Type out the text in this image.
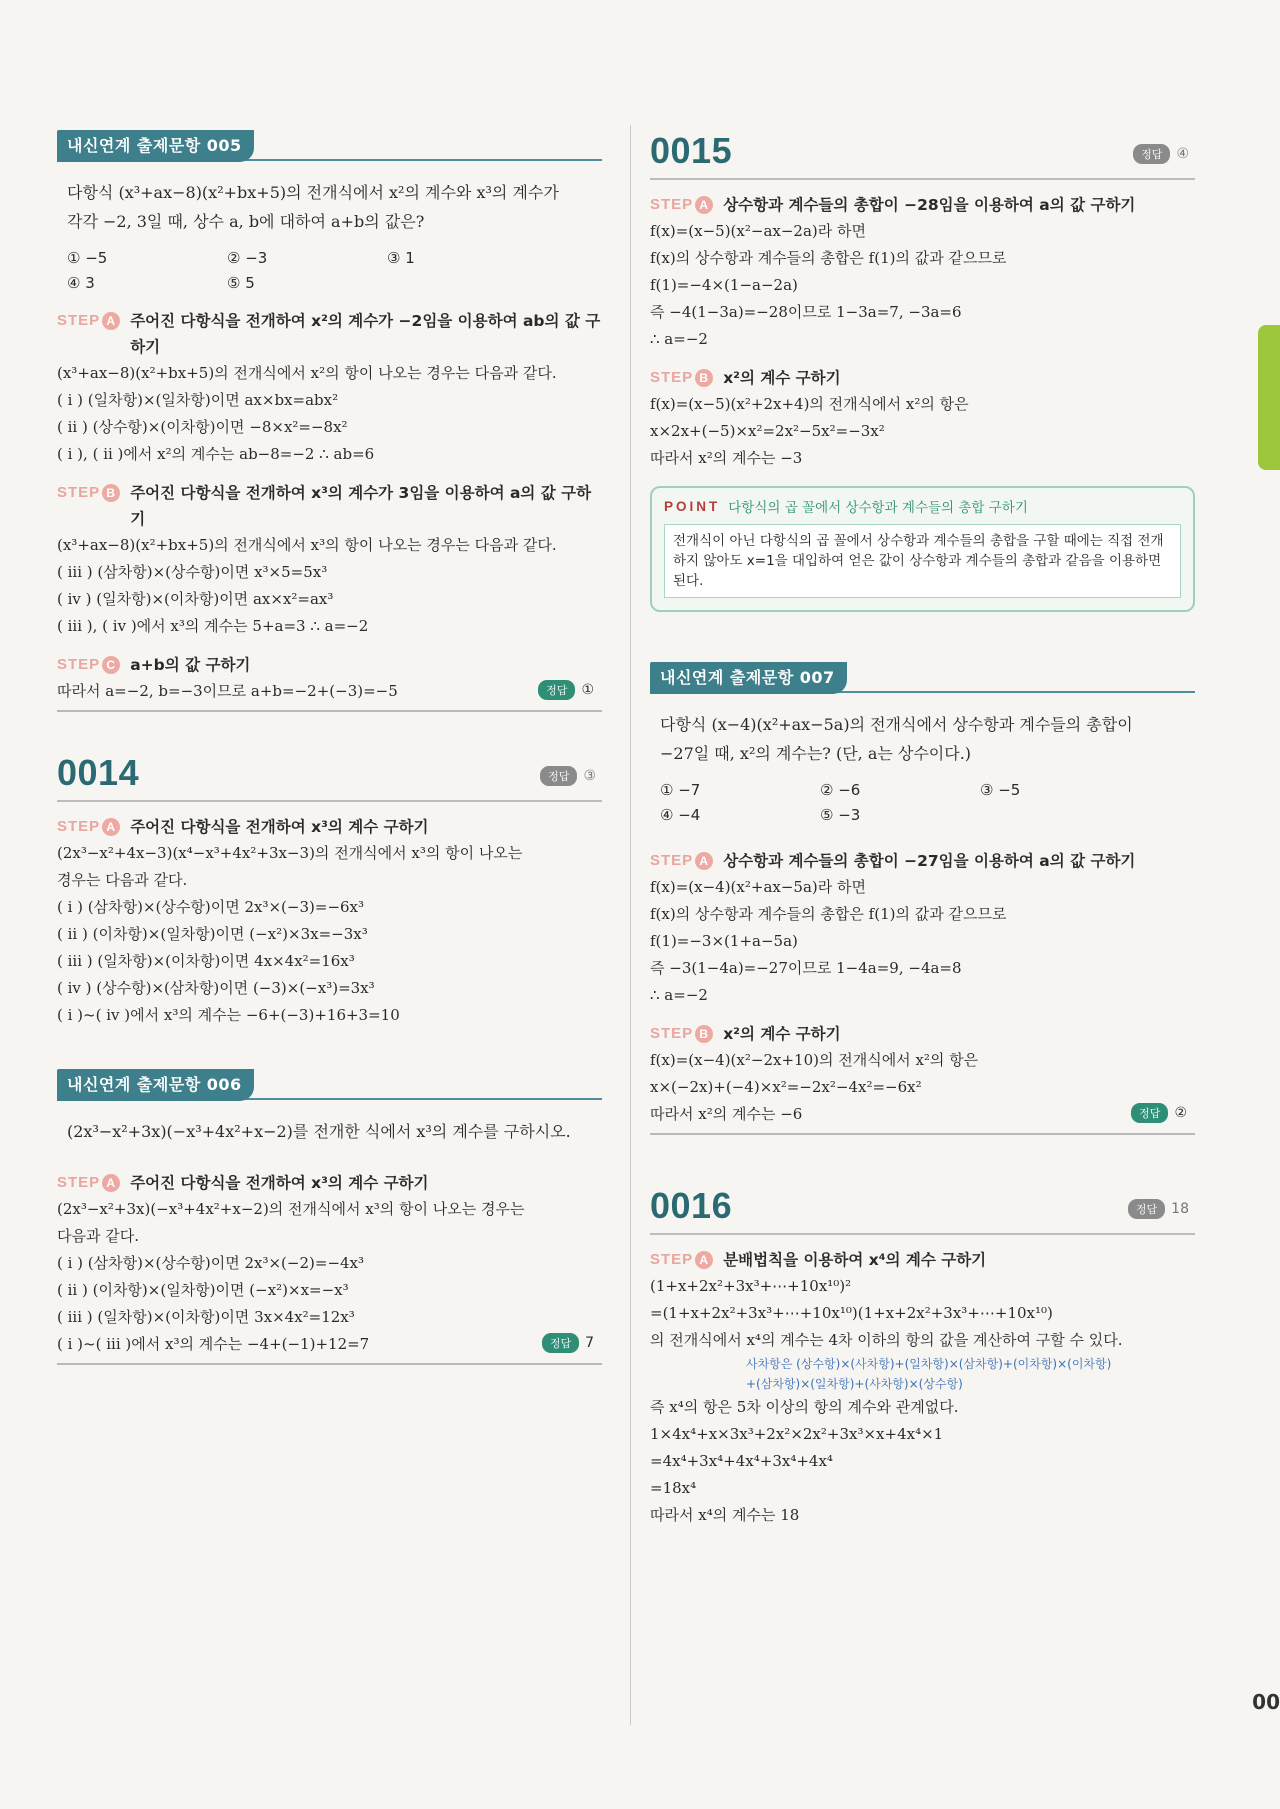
00
내신연계 출제문항 005
다항식 (x³+ax−8)(x²+bx+5)의 전개식에서 x²의 계수와 x³의 계수가
각각 −2, 3일 때, 상수 a, b에 대하여 a+b의 값은?
① −5	② −3	③ 1
④ 3	⑤ 5
STEP A 주어진 다항식을 전개하여 x²의 계수가 −2임을 이용하여 ab의 값 구하기
(x³+ax−8)(x²+bx+5)의 전개식에서 x²의 항이 나오는 경우는 다음과 같다.
( i ) (일차항)×(일차항)이면 ax×bx=abx²
( ii ) (상수항)×(이차항)이면 −8×x²=−8x²
( i ), ( ii )에서 x²의 계수는 ab−8=−2 ∴ ab=6
STEP B 주어진 다항식을 전개하여 x³의 계수가 3임을 이용하여 a의 값 구하기
(x³+ax−8)(x²+bx+5)의 전개식에서 x³의 항이 나오는 경우는 다음과 같다.
( iii ) (삼차항)×(상수항)이면 x³×5=5x³
( iv ) (일차항)×(이차항)이면 ax×x²=ax³
( iii ), ( iv )에서 x³의 계수는 5+a=3 ∴ a=−2
STEP C a+b의 값 구하기
따라서 a=−2, b=−3이므로 a+b=−2+(−3)=−5	정답	①
0014	정답	③
STEP A 주어진 다항식을 전개하여 x³의 계수 구하기
(2x³−x²+4x−3)(x⁴−x³+4x²+3x−3)의 전개식에서 x³의 항이 나오는
경우는 다음과 같다.
( i ) (삼차항)×(상수항)이면 2x³×(−3)=−6x³
( ii ) (이차항)×(일차항)이면 (−x²)×3x=−3x³
( iii ) (일차항)×(이차항)이면 4x×4x²=16x³
( iv ) (상수항)×(삼차항)이면 (−3)×(−x³)=3x³
( i )~( iv )에서 x³의 계수는 −6+(−3)+16+3=10
내신연계 출제문항 006
(2x³−x²+3x)(−x³+4x²+x−2)를 전개한 식에서 x³의 계수를 구하시오.
STEP A 주어진 다항식을 전개하여 x³의 계수 구하기
(2x³−x²+3x)(−x³+4x²+x−2)의 전개식에서 x³의 항이 나오는 경우는
다음과 같다.
( i ) (삼차항)×(상수항)이면 2x³×(−2)=−4x³
( ii ) (이차항)×(일차항)이면 (−x²)×x=−x³
( iii ) (일차항)×(이차항)이면 3x×4x²=12x³
( i )~( iii )에서 x³의 계수는 −4+(−1)+12=7	정답	7
0015	정답	④
STEP A 상수항과 계수들의 총합이 −28임을 이용하여 a의 값 구하기
f(x)=(x−5)(x²−ax−2a)라 하면
f(x)의 상수항과 계수들의 총합은 f(1)의 값과 같으므로
f(1)=−4×(1−a−2a)
즉 −4(1−3a)=−28이므로 1−3a=7, −3a=6
∴ a=−2
STEP B x²의 계수 구하기
f(x)=(x−5)(x²+2x+4)의 전개식에서 x²의 항은
x×2x+(−5)×x²=2x²−5x²=−3x²
따라서 x²의 계수는 −3
POINT 다항식의 곱 꼴에서 상수항과 계수들의 총합 구하기
전개식이 아닌 다항식의 곱 꼴에서 상수항과 계수들의 총합을 구할 때에는 직접 전개
하지 않아도 x=1을 대입하여 얻은 값이 상수항과 계수들의 총합과 같음을 이용하면
된다.
내신연계 출제문항 007
다항식 (x−4)(x²+ax−5a)의 전개식에서 상수항과 계수들의 총합이
−27일 때, x²의 계수는? (단, a는 상수이다.)
① −7	② −6	③ −5
④ −4	⑤ −3
STEP A 상수항과 계수들의 총합이 −27임을 이용하여 a의 값 구하기
f(x)=(x−4)(x²+ax−5a)라 하면
f(x)의 상수항과 계수들의 총합은 f(1)의 값과 같으므로
f(1)=−3×(1+a−5a)
즉 −3(1−4a)=−27이므로 1−4a=9, −4a=8
∴ a=−2
STEP B x²의 계수 구하기
f(x)=(x−4)(x²−2x+10)의 전개식에서 x²의 항은
x×(−2x)+(−4)×x²=−2x²−4x²=−6x²
따라서 x²의 계수는 −6	정답	②
0016	정답	18
STEP A 분배법칙을 이용하여 x⁴의 계수 구하기
(1+x+2x²+3x³+⋯+10x¹⁰)²
=(1+x+2x²+3x³+⋯+10x¹⁰)(1+x+2x²+3x³+⋯+10x¹⁰)
의 전개식에서 x⁴의 계수는 4차 이하의 항의 값을 계산하여 구할 수 있다.
사차항은 (상수항)×(사차항)+(일차항)×(삼차항)+(이차항)×(이차항)
+(삼차항)×(일차항)+(사차항)×(상수항)
즉 x⁴의 항은 5차 이상의 항의 계수와 관계없다.
1×4x⁴+x×3x³+2x²×2x²+3x³×x+4x⁴×1
=4x⁴+3x⁴+4x⁴+3x⁴+4x⁴
=18x⁴
따라서 x⁴의 계수는 18
